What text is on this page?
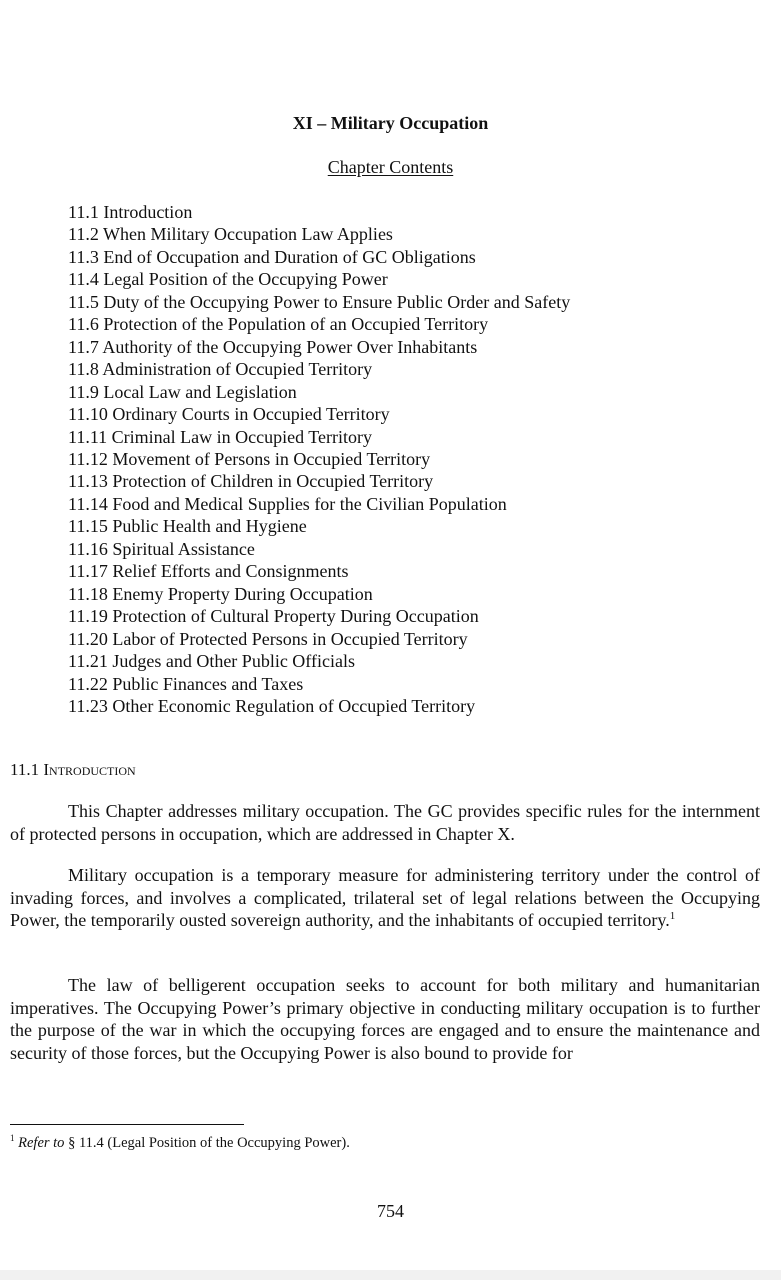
XI – Military Occupation
Chapter Contents
11.1 Introduction
11.2 When Military Occupation Law Applies
11.3 End of Occupation and Duration of GC Obligations
11.4 Legal Position of the Occupying Power
11.5 Duty of the Occupying Power to Ensure Public Order and Safety
11.6 Protection of the Population of an Occupied Territory
11.7 Authority of the Occupying Power Over Inhabitants
11.8 Administration of Occupied Territory
11.9 Local Law and Legislation
11.10 Ordinary Courts in Occupied Territory
11.11 Criminal Law in Occupied Territory
11.12 Movement of Persons in Occupied Territory
11.13 Protection of Children in Occupied Territory
11.14 Food and Medical Supplies for the Civilian Population
11.15 Public Health and Hygiene
11.16 Spiritual Assistance
11.17 Relief Efforts and Consignments
11.18 Enemy Property During Occupation
11.19 Protection of Cultural Property During Occupation
11.20 Labor of Protected Persons in Occupied Territory
11.21 Judges and Other Public Officials
11.22 Public Finances and Taxes
11.23 Other Economic Regulation of Occupied Territory
11.1 Introduction

This Chapter addresses military occupation. The GC provides specific rules for the internment of protected persons in occupation, which are addressed in Chapter X.

Military occupation is a temporary measure for administering territory under the control of invading forces, and involves a complicated, trilateral set of legal relations between the Occupying Power, the temporarily ousted sovereign authority, and the inhabitants of occupied territory.$^1$

The law of belligerent occupation seeks to account for both military and humanitarian imperatives. The Occupying Power’s primary objective in conducting military occupation is to further the purpose of the war in which the occupying forces are engaged and to ensure the maintenance and security of those forces, but the Occupying Power is also bound to provide for

$^1$ Refer to § 11.4 (Legal Position of the Occupying Power).
754
